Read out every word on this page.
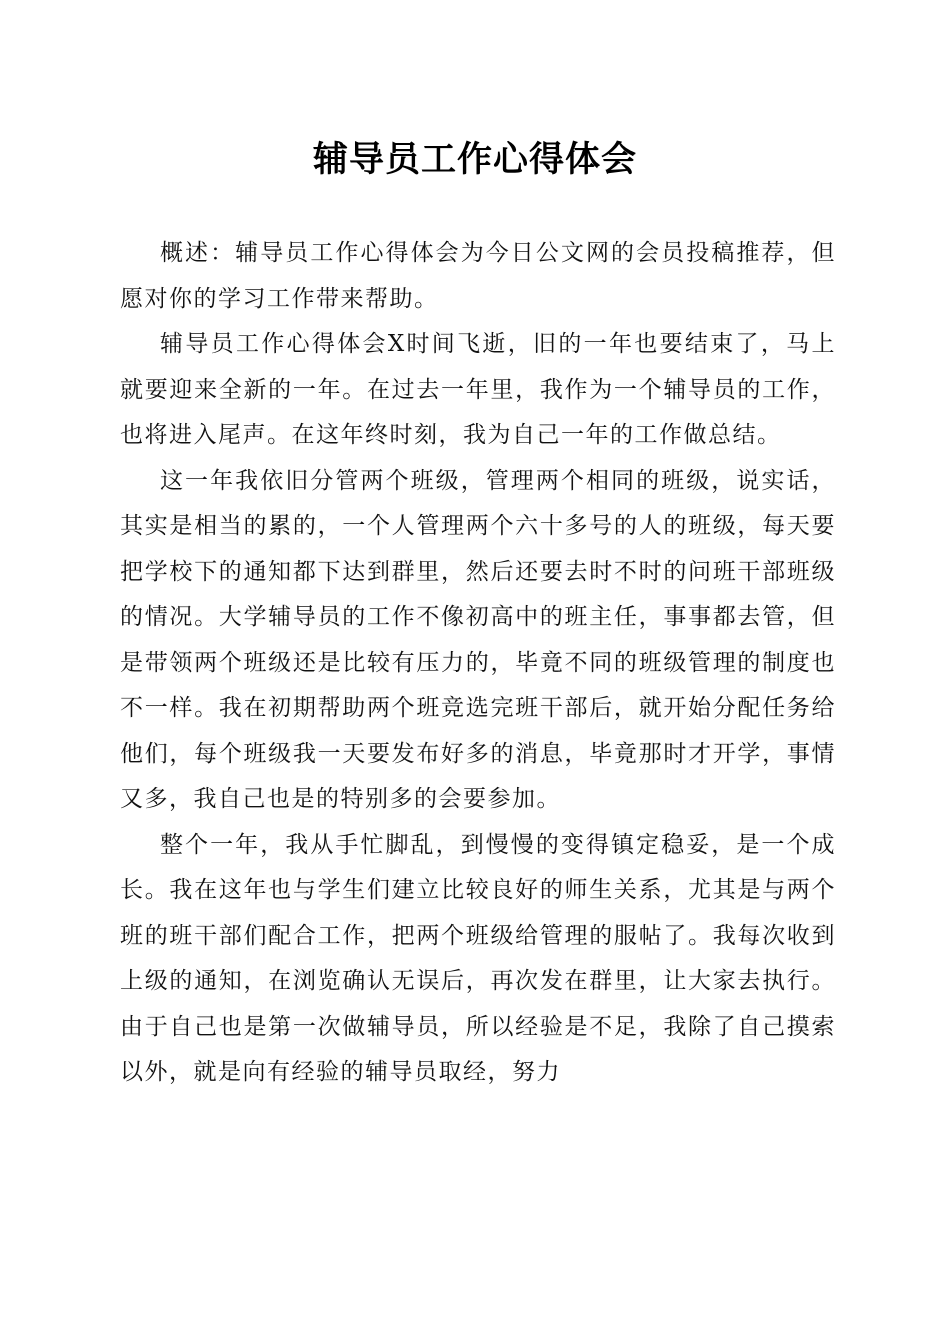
辅导员工作心得体会

概述：辅导员工作心得体会为今日公文网的会员投稿推荐，但愿对你的学习工作带来帮助。

辅导员工作心得体会X时间飞逝，旧的一年也要结束了，马上就要迎来全新的一年。在过去一年里，我作为一个辅导员的工作，也将进入尾声。在这年终时刻，我为自己一年的工作做总结。

这一年我依旧分管两个班级，管理两个相同的班级，说实话，其实是相当的累的，一个人管理两个六十多号的人的班级，每天要把学校下的通知都下达到群里，然后还要去时不时的问班干部班级的情况。大学辅导员的工作不像初高中的班主任，事事都去管，但是带领两个班级还是比较有压力的，毕竟不同的班级管理的制度也不一样。我在初期帮助两个班竞选完班干部后，就开始分配任务给他们，每个班级我一天要发布好多的消息，毕竟那时才开学，事情又多，我自己也是的特别多的会要参加。

整个一年，我从手忙脚乱，到慢慢的变得镇定稳妥，是一个成长。我在这年也与学生们建立比较良好的师生关系，尤其是与两个班的班干部们配合工作，把两个班级给管理的服帖了。我每次收到上级的通知，在浏览确认无误后，再次发在群里，让大家去执行。由于自己也是第一次做辅导员，所以经验是不足，我除了自己摸索以外，就是向有经验的辅导员取经，努力
